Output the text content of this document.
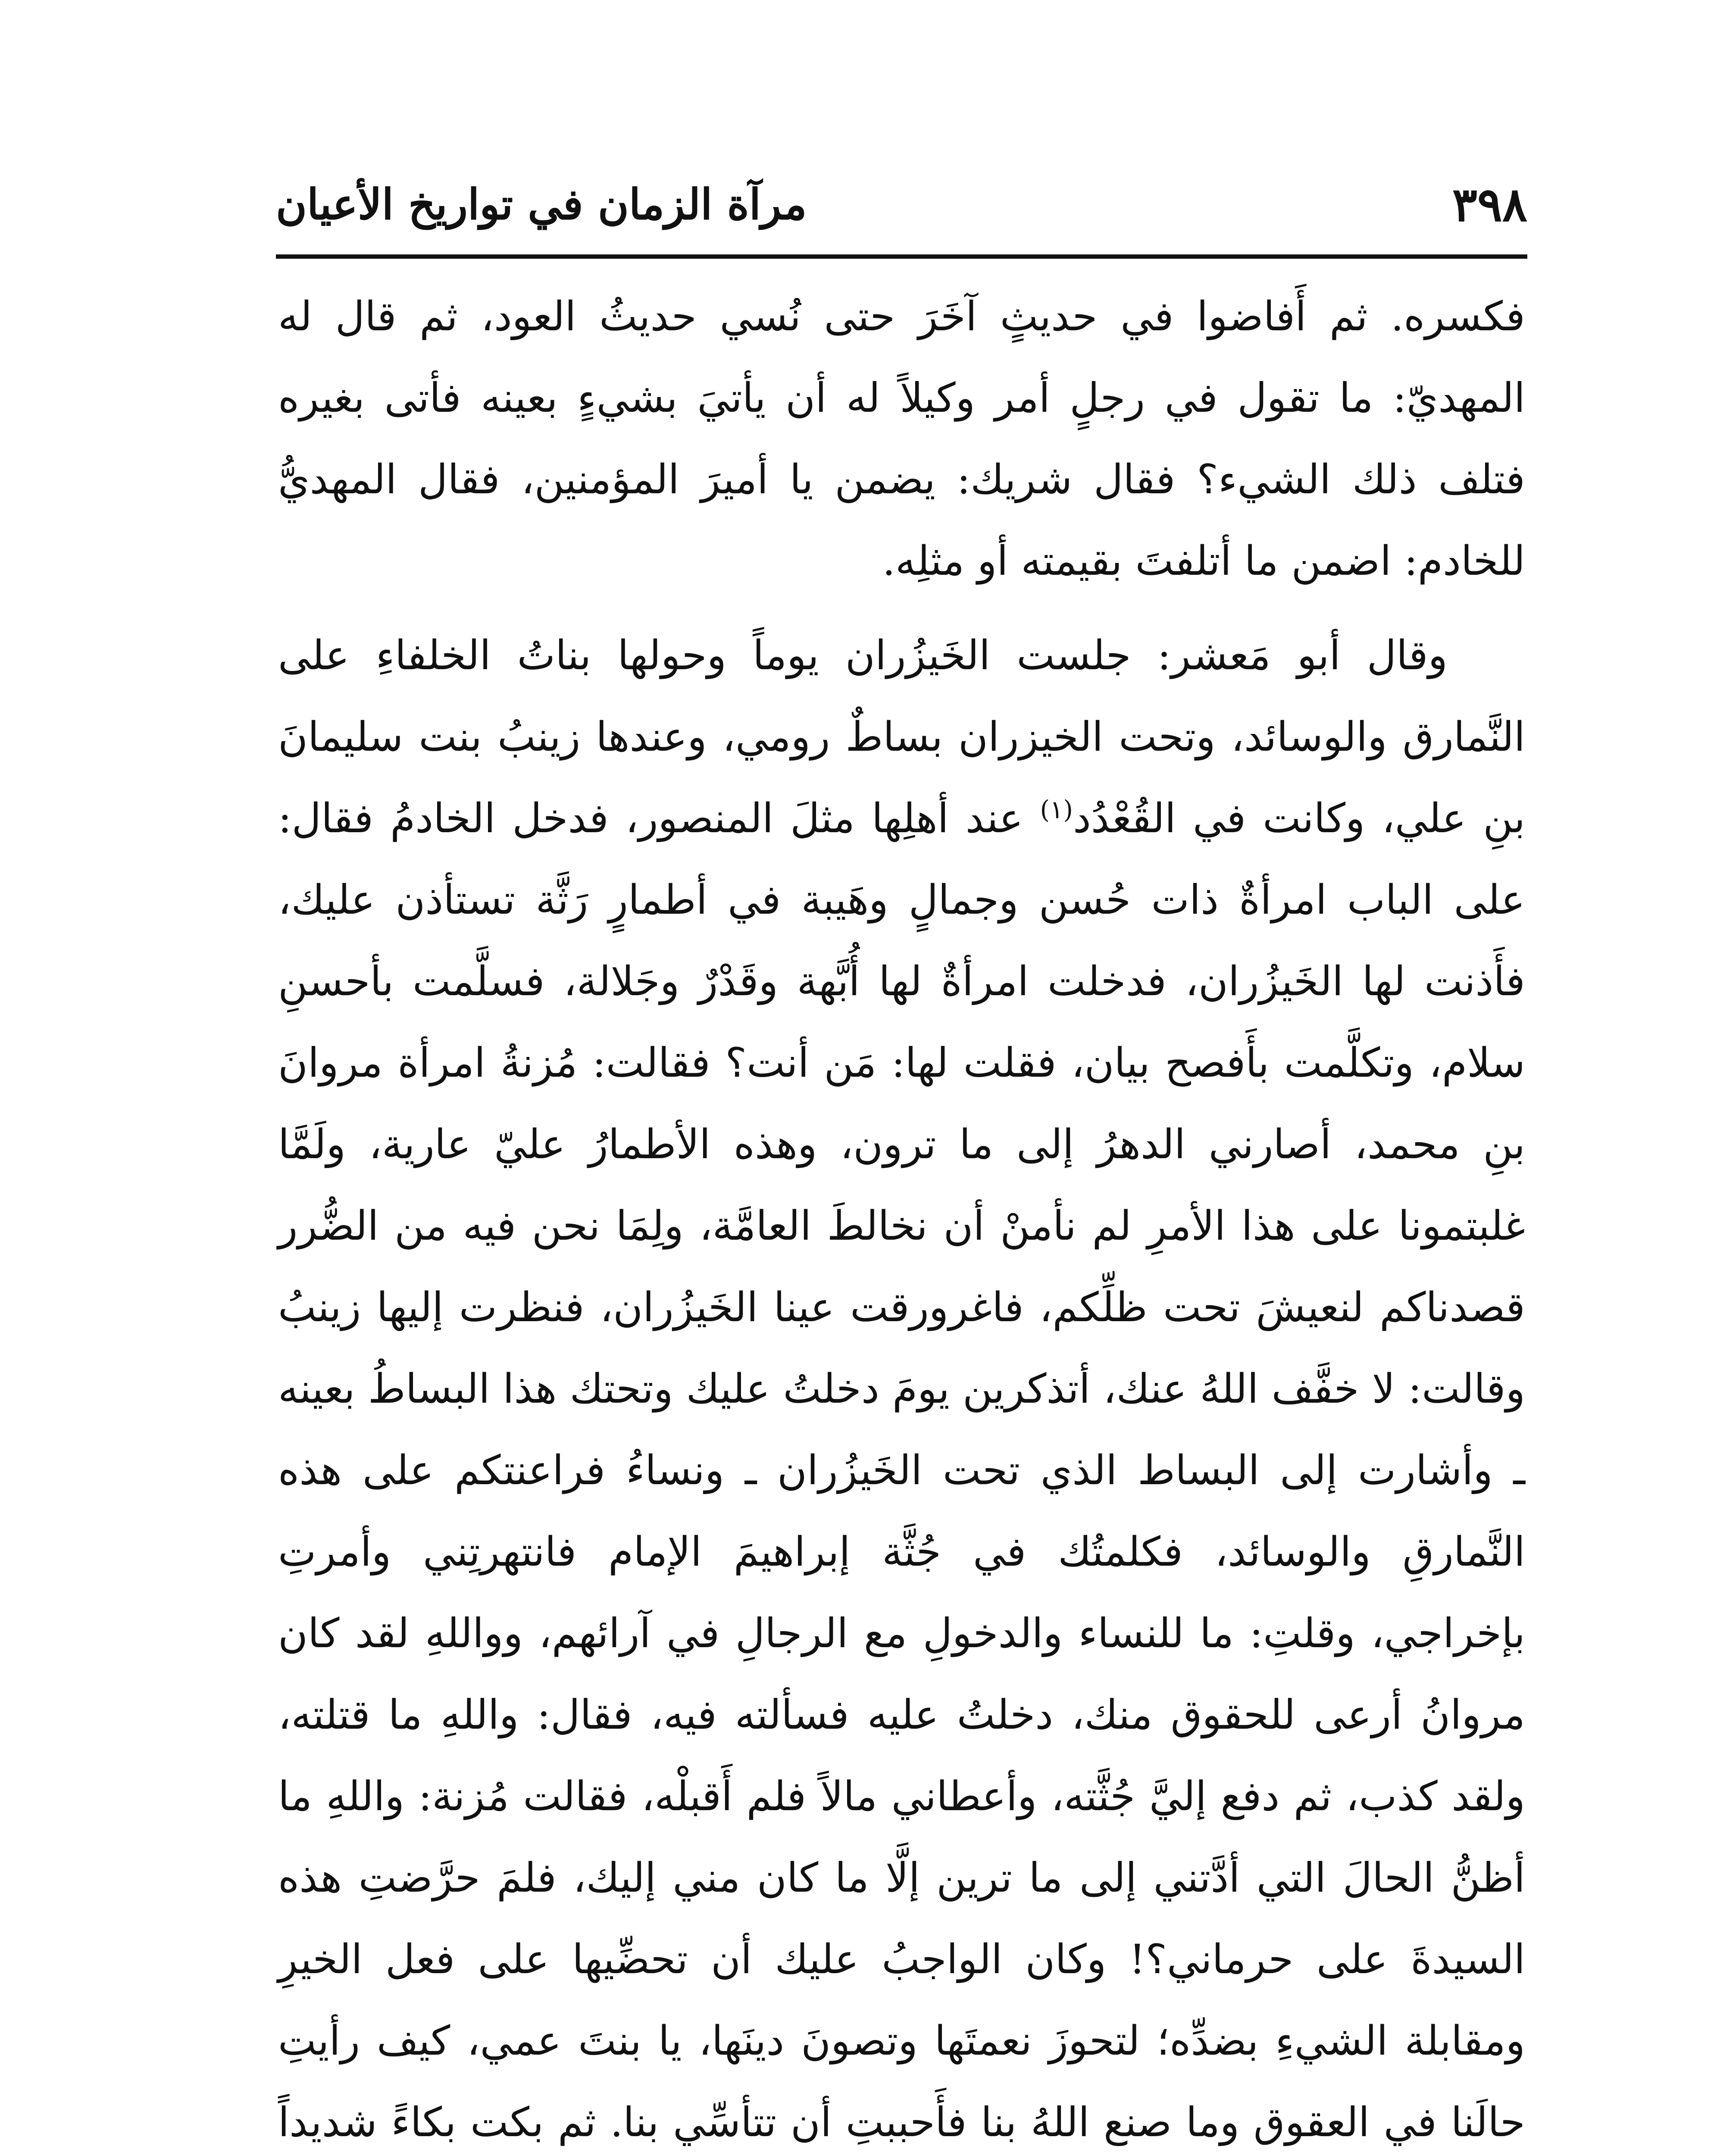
٣٩٨
مرآة الزمان في تواريخ الأعيان

فكسره. ثم أَفاضوا في حديثٍ آخَرَ حتى نُسي حديثُ العود، ثم قال له المهديّ: ما تقول في رجلٍ أمر وكيلاً له أن يأتيَ بشيءٍ بعينه فأتى بغيره فتلف ذلك الشيء؟ فقال شريك: يضمن يا أميرَ المؤمنين، فقال المهديُّ للخادم: اضمن ما أتلفتَ بقيمته أو مثلِه.

وقال أبو مَعشر: جلست الخَيزُران يوماً وحولها بناتُ الخلفاءِ على النَّمارق والوسائد، وتحت الخيزران بساطٌ رومي، وعندها زينبُ بنت سليمانَ بنِ علي، وكانت في القُعْدُد$^{(١)}$ عند أهلِها مثلَ المنصور، فدخل الخادمُ فقال: على الباب امرأةٌ ذات حُسن وجمالٍ وهَيبة في أطمارٍ رَثَّة تستأذن عليك، فأَذنت لها الخَيزُران، فدخلت امرأةٌ لها أُبَّهة وقَدْرٌ وجَلالة، فسلَّمت بأحسنِ سلام، وتكلَّمت بأَفصح بيان، فقلت لها: مَن أنت؟ فقالت: مُزنةُ امرأة مروانَ بنِ محمد، أصارني الدهرُ إلى ما ترون، وهذه الأطمارُ عليّ عارية، ولَمَّا غلبتمونا على هذا الأمرِ لم نأمنْ أن نخالطَ العامَّة، ولِمَا نحن فيه من الضُّرر قصدناكم لنعيشَ تحت ظلِّكم، فاغرورقت عينا الخَيزُران، فنظرت إليها زينبُ وقالت: لا خفَّف اللهُ عنك، أتذكرين يومَ دخلتُ عليك وتحتك هذا البساطُ بعينه ـ وأشارت إلى البساط الذي تحت الخَيزُران ـ ونساءُ فراعنتكم على هذه النَّمارقِ والوسائد، فكلمتُك في جُثَّة إبراهيمَ الإمام فانتهرتِني وأمرتِ بإخراجي، وقلتِ: ما للنساء والدخولِ مع الرجالِ في آرائهم، وواللهِ لقد كان مروانُ أرعى للحقوق منك، دخلتُ عليه فسألته فيه، فقال: واللهِ ما قتلته، ولقد كذب، ثم دفع إليَّ جُثَّته، وأعطاني مالاً فلم أَقبلْه، فقالت مُزنة: واللهِ ما أظنُّ الحالَ التي أدَّتني إلى ما ترين إلَّا ما كان مني إليك، فلمَ حرَّضتِ هذه السيدةَ على حرماني؟! وكان الواجبُ عليك أن تحضِّيها على فعل الخيرِ ومقابلة الشيءِ بضدِّه؛ لتحوزَ نعمتَها وتصونَ دينَها، يا بنتَ عمي، كيف رأيتِ حالَنا في العقوق وما صنع اللهُ بنا فأَحببتِ أن تتأسِّي بنا. ثم بكت بكاءً شديداً
